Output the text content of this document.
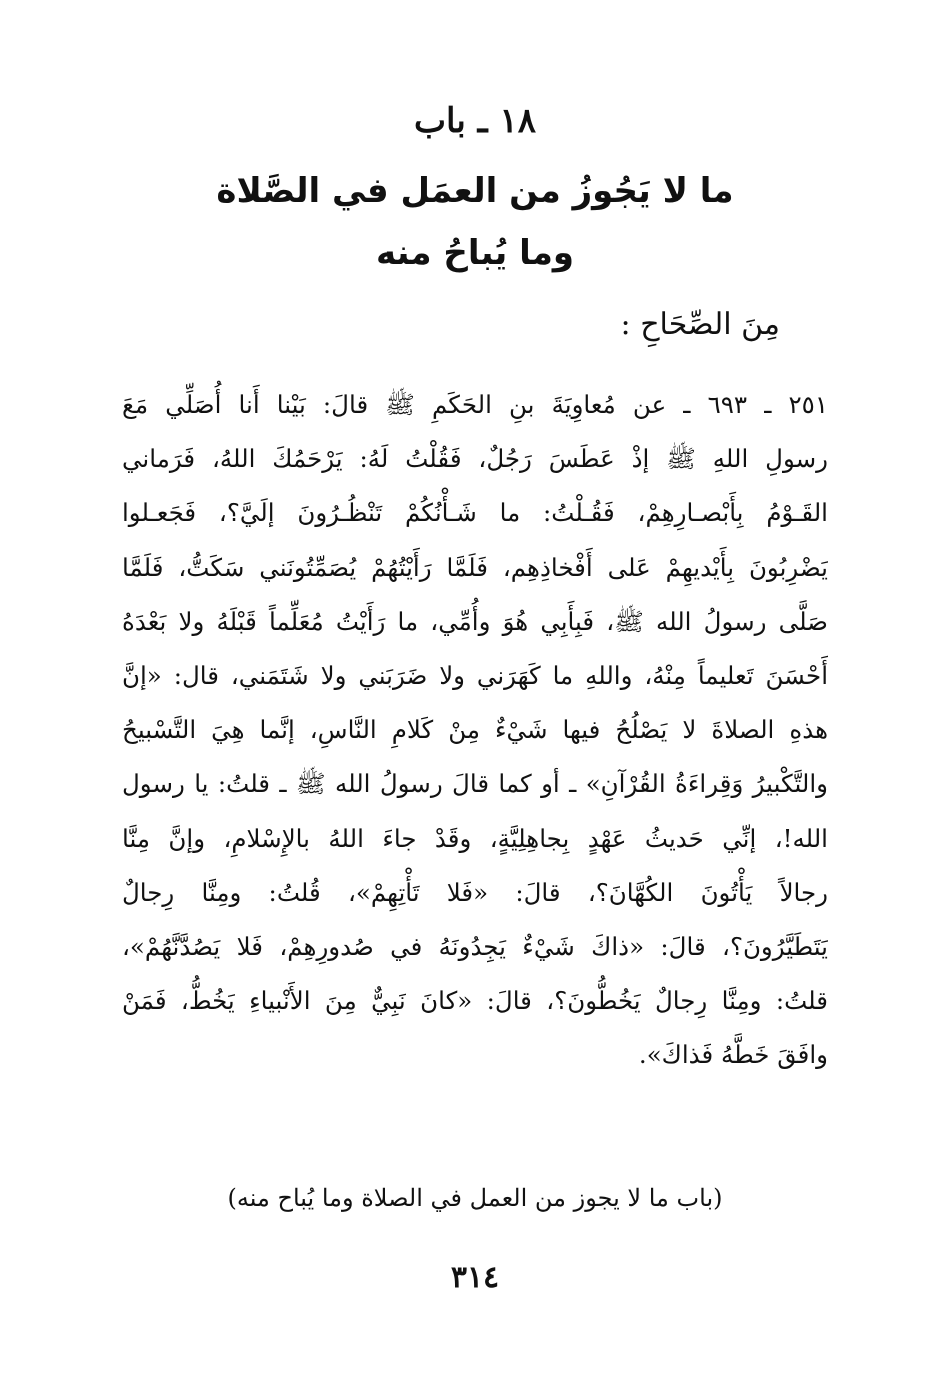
١٨ ـ باب
ما لا يَجُوزُ من العمَل في الصَّلاة
وما يُباحُ منه
مِنَ الصِّحَاحِ :
٢٥١ ـ ٦٩٣ ـ عن مُعاوِيَةَ بنِ الحَكَمِ ﷺ قالَ: بَيْنا أَنا أُصَلِّي مَعَ
رسولِ اللهِ ﷺ إذْ عَطَسَ رَجُلٌ، فَقُلْتُ لَهُ: يَرْحَمُكَ اللهُ، فَرَماني
القَـوْمُ بِأَبْصـارِهِمْ، فَقُـلْتُ: ما شَـأْنُكُمْ تَنْظُـرُونَ إلَيَّ؟، فَجَعـلوا
يَضْرِبُونَ بِأَيْديهِمْ عَلى أَفْخاذِهِم، فَلَمَّا رَأَيْتُهُمْ يُصَمِّتُونَني سَكَتُّ، فَلَمَّا
صَلَّى رسولُ الله ﷺ، فَبِأَبِي هُوَ وأُمِّي، ما رَأَيْتُ مُعَلِّماً قَبْلَهُ ولا بَعْدَهُ
أَحْسَنَ تَعليماً مِنْهُ، واللهِ ما كَهَرَني ولا ضَرَبَني ولا شَتَمَني، قال: «إنَّ
هذهِ الصلاةَ لا يَصْلُحُ فيها شَيْءٌ مِنْ كَلامِ النَّاسِ، إنَّما هِيَ التَّسْبيحُ
والتَّكْبيرُ وَقِراءَةُ القُرْآنِ» ـ أو كما قالَ رسولُ الله ﷺ ـ قلتُ: يا رسول
الله!، إنِّي حَديثُ عَهْدٍ بِجاهِلِيَّةٍ، وقَدْ جاءَ اللهُ بالإِسْلامِ، وإنَّ مِنَّا
رجالاً يَأْتُونَ الكُهَّانَ؟، قالَ: «فَلا تَأْتِهِمْ»، قُلتُ: ومِنَّا رِجالٌ
يَتَطَيَّرُونَ؟، قالَ: «ذاكَ شَيْءٌ يَجِدُونَهُ في صُدورِهِمْ، فَلا يَصُدَّنَّهُمْ»،
قلتُ: ومِنَّا رِجالٌ يَخُطُّونَ؟، قالَ: «كانَ نَبِيٌّ مِنَ الأَنْبياءِ يَخُطُّ، فَمَنْ
وافَقَ خَطَّهُ فَذاكَ».
(باب ما لا يجوز من العمل في الصلاة وما يُباح منه)
٣١٤
